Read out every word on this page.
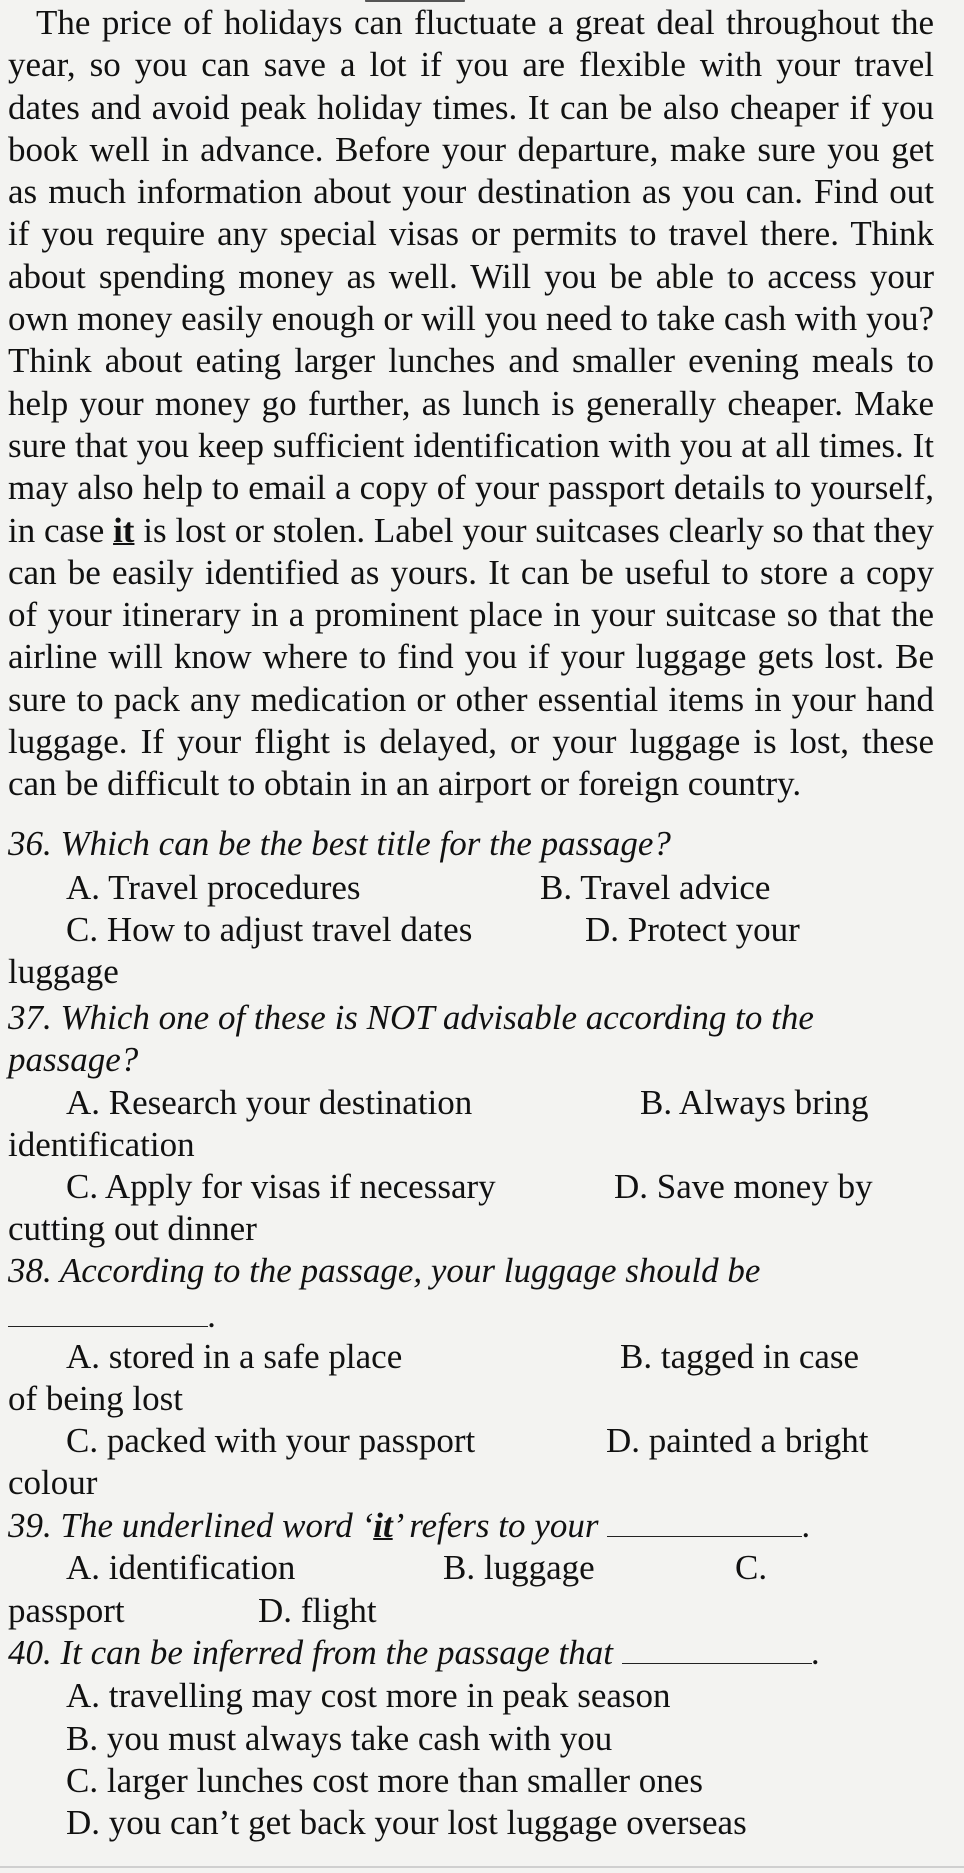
The price of holidays can fluctuate a great deal throughout the year, so you can save a lot if you are flexible with your travel dates and avoid peak holiday times. It can be also cheaper if you book well in advance. Before your departure, make sure you get as much information about your destination as you can. Find out if you require any special visas or permits to travel there. Think about spending money as well. Will you be able to access your own money easily enough or will you need to take cash with you? Think about eating larger lunches and smaller evening meals to help your money go further, as lunch is generally cheaper. Make sure that you keep sufficient identification with you at all times. It may also help to email a copy of your passport details to yourself, in case it is lost or stolen. Label your suitcases clearly so that they can be easily identified as yours. It can be useful to store a copy of your itinerary in a prominent place in your suitcase so that the airline will know where to find you if your luggage gets lost. Be sure to pack any medication or other essential items in your hand luggage. If your flight is delayed, or your luggage is lost, these can be difficult to obtain in an airport or foreign country.

36. Which can be the best title for the passage?
A. Travel procedures	B. Travel advice
C. How to adjust travel dates	D. Protect your
luggage
37. Which one of these is NOT advisable according to the
passage?
A. Research your destination	B. Always bring
identification
C. Apply for visas if necessary	D. Save money by
cutting out dinner
38. According to the passage, your luggage should be
.
A. stored in a safe place	B. tagged in case
of being lost
C. packed with your passport	D. painted a bright
colour
39. The underlined word ‘it’ refers to your	.
A. identification	B. luggage	C.
passport	D. flight
40. It can be inferred from the passage that	.
A. travelling may cost more in peak season
B. you must always take cash with you
C. larger lunches cost more than smaller ones
D. you can’t get back your lost luggage overseas
